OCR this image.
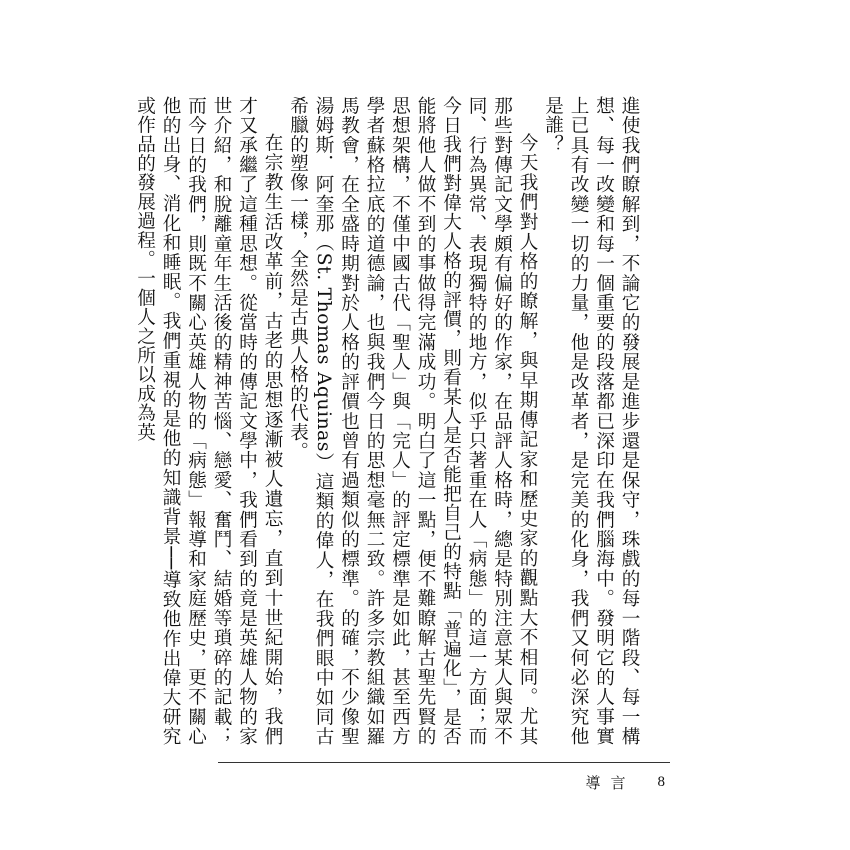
進使我們瞭解到，不論它的發展是進步還是保守，珠戲的每一階段、每一構想、每一改變和每一個重要的段落都已深印在我們腦海中。發明它的人事實上已具有改變一切的力量，他是改革者，是完美的化身，我們又何必深究他是誰？

今天我們對人格的瞭解，與早期傳記家和歷史家的觀點大不相同。尤其那些對傳記文學頗有偏好的作家，在品評人格時，總是特別注意某人與眾不同、行為異常、表現獨特的地方，似乎只著重在人「病態」的這一方面；而今日我們對偉大人格的評價，則看某人是否能把自己的特點「普遍化」，是否能將他人做不到的事做得完滿成功。明白了這一點，便不難瞭解古聖先賢的思想架構，不僅中國古代「聖人」與「完人」的評定標準是如此，甚至西方學者蘇格拉底的道德論，也與我們今日的思想毫無二致。許多宗教組織如羅馬教會，在全盛時期對於人格的評價也曾有過類似的標準。的確，不少像聖湯姆斯．阿奎那（St. Thomas Aquinas）這類的偉人，在我們眼中如同古希臘的塑像一樣，全然是古典人格的代表。

在宗教生活改革前，古老的思想逐漸被人遺忘，直到十世紀開始，我們才又承繼了這種思想。從當時的傳記文學中，我們看到的竟是英雄人物的家世介紹，和脫離童年生活後的精神苦惱、戀愛、奮鬥、結婚等瑣碎的記載；而今日的我們，則既不關心英雄人物的「病態」報導和家庭歷史，更不關心他的出身、消化和睡眠。我們重視的是他的知識背景──導致他作出偉大研究或作品的發展過程。一個人之所以成為英

導言 8
